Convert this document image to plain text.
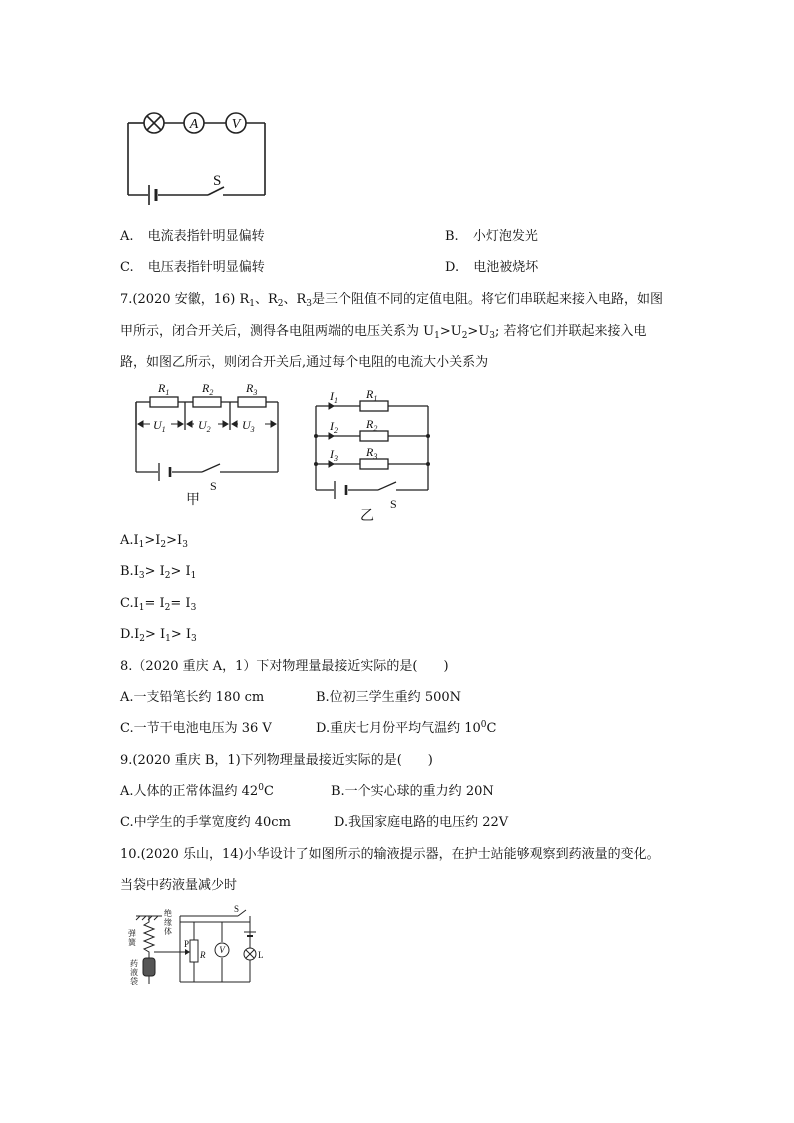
A V
S
A. 电流表指针明显偏转	B. 小灯泡发光
C. 电压表指针明显偏转	D. 电池被烧坏
7.(2020 安徽，16) $R_1$、$R_2$、$R_3$是三个阻值不同的定值电阻。将它们串联起来接入电路，如图
甲所示，闭合开关后，测得各电阻两端的电压关系为 $U_1>U_2>U_3$; 若将它们并联起来接入电
路，如图乙所示，则闭合开关后,通过每个电阻的电流大小关系为
$R_1$	$R_2$	$R_3$
$U_1$	$U_2$	$U_3$
S
甲
$R_1$
$R_2$
$R_3$
$I_1$
$I_2$
$I_3$
S
乙
$A.I_1>I_2>I_3$
$B.I_3> I_2> I_1$
$C.I_1= I_2= I_3$
$D.I_2> I_1> I_3$
8.（2020 重庆 A，1）下对物理量最接近实际的是(　　)
A.一支铅笔长约 180 cm	B.位初三学生重约 500N
C.一节干电池电压为 36 V	D.重庆七月份平均气温约 $10^0C$
9.(2020 重庆 B，1)下列物理量最接近实际的是(　　)
A.人体的正常体温约 $42^0C$	B.一个实心球的重力约 20N
C.中学生的手掌宽度约 40cm	D.我国家庭电路的电压约 22V
10.(2020 乐山，14)小华设计了如图所示的输液提示器，在护士站能够观察到药液量的变化。
当袋中药液量减少时
弹簧
药液袋
绝缘体
V
P
R	L
S
